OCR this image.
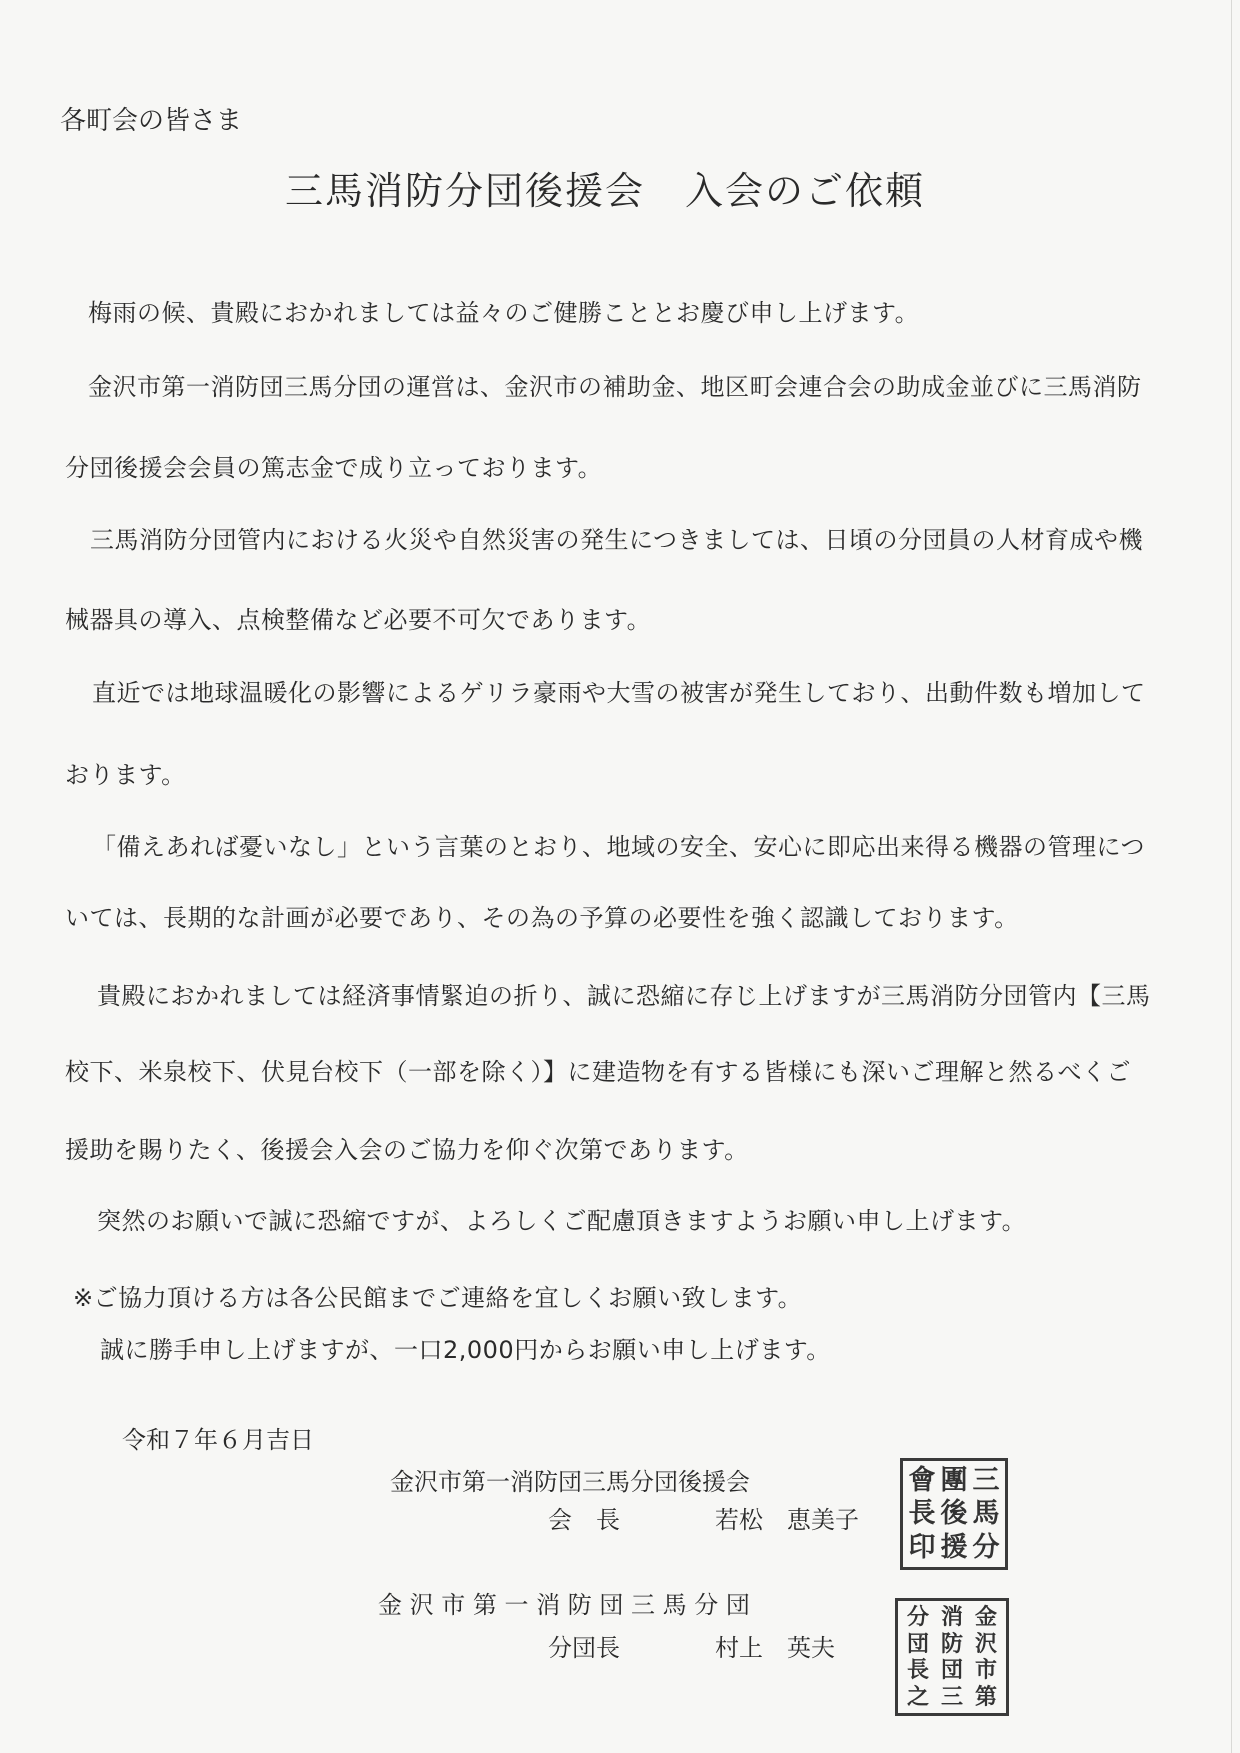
各町会の皆さま
三馬消防分団後援会　入会のご依頼
梅雨の候、貴殿におかれましては益々のご健勝こととお慶び申し上げます。
金沢市第一消防団三馬分団の運営は、金沢市の補助金、地区町会連合会の助成金並びに三馬消防
分団後援会会員の篤志金で成り立っております。
三馬消防分団管内における火災や自然災害の発生につきましては、日頃の分団員の人材育成や機
械器具の導入、点検整備など必要不可欠であります。
直近では地球温暖化の影響によるゲリラ豪雨や大雪の被害が発生しており、出動件数も増加して
おります。
「備えあれば憂いなし」という言葉のとおり、地域の安全、安心に即応出来得る機器の管理につ
いては、長期的な計画が必要であり、その為の予算の必要性を強く認識しております。
貴殿におかれましては経済事情緊迫の折り、誠に恐縮に存じ上げますが三馬消防分団管内【三馬
校下、米泉校下、伏見台校下（一部を除く）】に建造物を有する皆様にも深いご理解と然るべくご
援助を賜りたく、後援会入会のご協力を仰ぐ次第であります。
突然のお願いで誠に恐縮ですが、よろしくご配慮頂きますようお願い申し上げます。
※ご協力頂ける方は各公民館までご連絡を宜しくお願い致します。
誠に勝手申し上げますが、一口2,000円からお願い申し上げます。
令和７年６月吉日
金沢市第一消防団三馬分団後援会
会　長	若松　恵美子
金 沢 市 第 一 消 防 団 三 馬 分 団
分団長	村上　英夫
會 團 三
長 後 馬
印 援 分
分 消 金
団 防 沢
長 団 市
之 三 第
